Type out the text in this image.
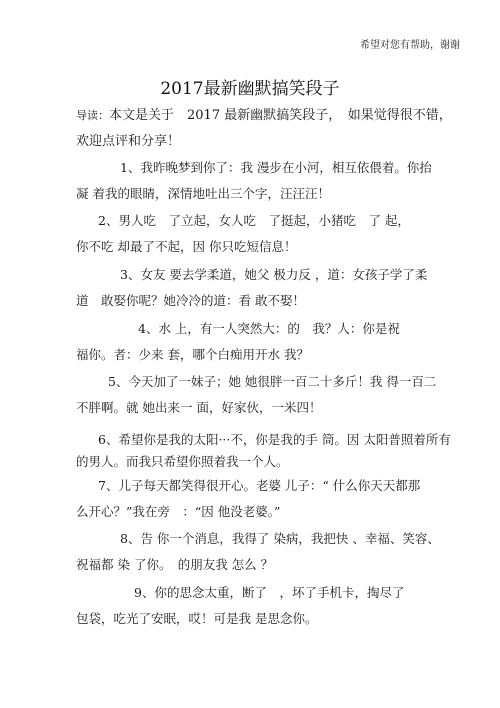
希望对您有帮助，谢谢
2017最新幽默搞笑段子
导读：本文是关于　2017 最新幽默搞笑段子，　如果觉得很不错，
欢迎点评和分享！
1、我昨晚梦到你了：我 漫步在小河，相互依偎着。你抬
凝 着我的眼睛，深情地吐出三个字，汪汪汪！
2、男人吃　了立起，女人吃　了挺起，小猪吃　了 起，
你不吃 却最了不起，因 你只吃短信息！
3、女友 要去学柔道，她父 极力反 ，道：女孩子学了柔
道　敢娶你呢？她冷冷的道：看 敢不娶！
4、水 上，有一人突然大：的　我？人：你是祝
福你。者：少来 套，哪个白痴用开水 我？
5、今天加了一妹子；她 她很胖一百二十多斤！我 得一百二
不胖啊。就 她出来一 面，好家伙，一米四！
6、希望你是我的太阳···不，你是我的手 筒。因 太阳普照着所有
的男人。而我只希望你照着我一个人。
7、儿子每天都笑得很开心。老婆 儿子：“ 什么你天天都那
么开心？”我在旁　：“因 他没老婆。”
8、告 你一个消息，我得了 染病，我把快 、幸福、笑容、
祝福都 染 了你。　的朋友我 怎么 ？
9、你的思念太重，断了　，坏了手机卡，掏尽了
包袋，吃光了安眠，哎！可是我 是思念你。
